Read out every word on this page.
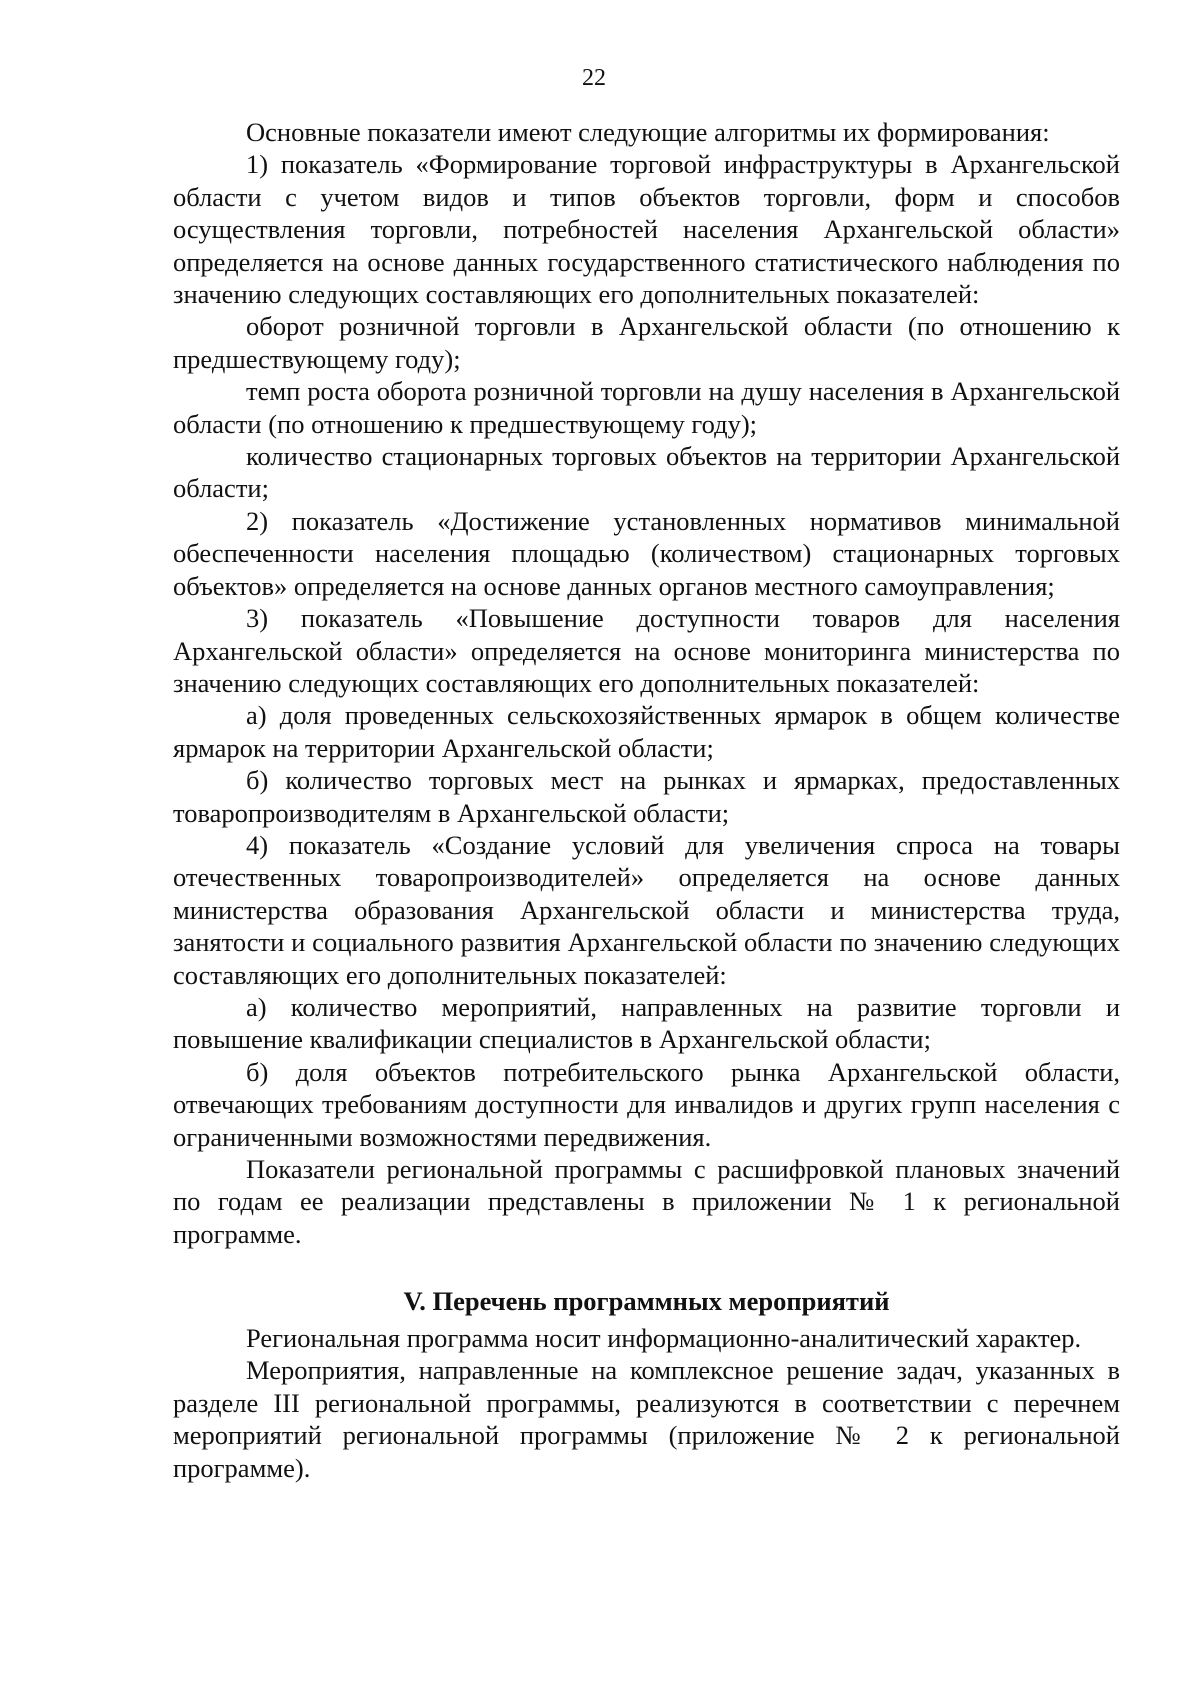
22

Основные показатели имеют следующие алгоритмы их формирования:

1) показатель «Формирование торговой инфраструктуры в Архангельской области с учетом видов и типов объектов торговли, форм и способов осуществления торговли, потребностей населения Архангельской области» определяется на основе данных государственного статистического наблюдения по значению следующих составляющих его дополнительных показателей:

оборот розничной торговли в Архангельской области (по отношению к предшествующему году);

темп роста оборота розничной торговли на душу населения в Архангельской области (по отношению к предшествующему году);

количество стационарных торговых объектов на территории Архангельской области;

2) показатель «Достижение установленных нормативов минимальной обеспеченности населения площадью (количеством) стационарных торговых объектов» определяется на основе данных органов местного самоуправления;

3) показатель «Повышение доступности товаров для населения Архангельской области» определяется на основе мониторинга министерства по значению следующих составляющих его дополнительных показателей:

а) доля проведенных сельскохозяйственных ярмарок в общем количестве ярмарок на территории Архангельской области;

б) количество торговых мест на рынках и ярмарках, предоставленных товаропроизводителям в Архангельской области;

4) показатель «Создание условий для увеличения спроса на товары отечественных товаропроизводителей» определяется на основе данных министерства образования Архангельской области и министерства труда, занятости и социального развития Архангельской области по значению следующих составляющих его дополнительных показателей:

а) количество мероприятий, направленных на развитие торговли и повышение квалификации специалистов в Архангельской области;

б) доля объектов потребительского рынка Архангельской области, отвечающих требованиям доступности для инвалидов и других групп населения с ограниченными возможностями передвижения.

Показатели региональной программы с расшифровкой плановых значений по годам ее реализации представлены в приложении № 1 к региональной программе.

V. Перечень программных мероприятий

Региональная программа носит информационно-аналитический характер.

Мероприятия, направленные на комплексное решение задач, указанных в разделе III региональной программы, реализуются в соответствии с перечнем мероприятий региональной программы (приложение № 2 к региональной программе).
